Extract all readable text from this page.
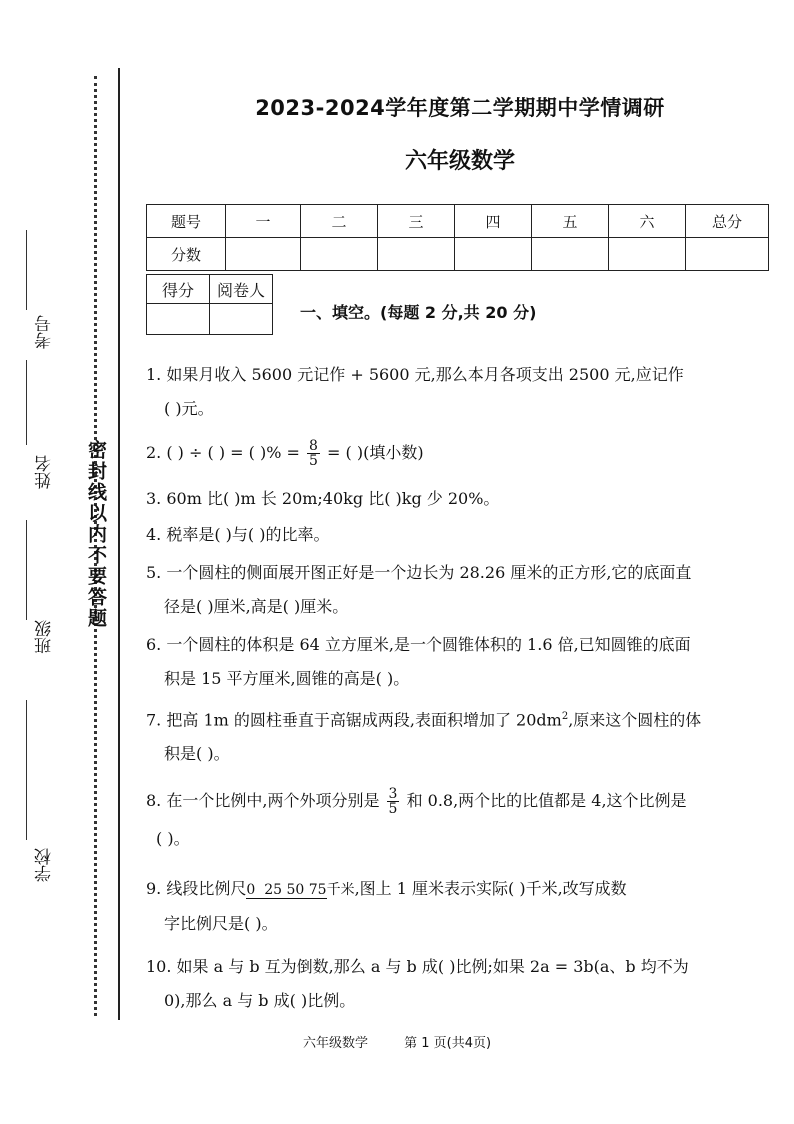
考号
姓名
班级
学校
密封线以内不要答题
2023-2024学年度第二学期期中学情调研
六年级数学
题号	一	二	三	四	五	六	总分
分数							
得分	阅卷人

一、填空。(每题 2 分,共 20 分)
1. 如果月收入 5600 元记作 + 5600 元,那么本月各项支出 2500 元,应记作
( )元。
2. ( ) ÷ ( ) = ( )% = $\frac{8}{5}$ = ( )(填小数)
3. 60m 比( )m 长 20m;40kg 比( )kg 少 20%。
4. 税率是( )与( )的比率。
5. 一个圆柱的侧面展开图正好是一个边长为 28.26 厘米的正方形,它的底面直
径是( )厘米,高是( )厘米。
6. 一个圆柱的体积是 64 立方厘米,是一个圆锥体积的 1.6 倍,已知圆锥的底面
积是 15 平方厘米,圆锥的高是( )。
7. 把高 1m 的圆柱垂直于高锯成两段,表面积增加了 $20dm^2$,原来这个圆柱的体
积是( )。
8. 在一个比例中,两个外项分别是 $\frac{3}{5}$ 和 0.8,两个比的比值都是 4,这个比例是
( )。
9. 线段比例尺0 25 50 75千米,图上 1 厘米表示实际( )千米,改写成数
字比例尺是( )。
10. 如果 a 与 b 互为倒数,那么 a 与 b 成( )比例;如果 2a = 3b(a、b 均不为
0),那么 a 与 b 成( )比例。
六年级数学	第 1 页(共4页)
